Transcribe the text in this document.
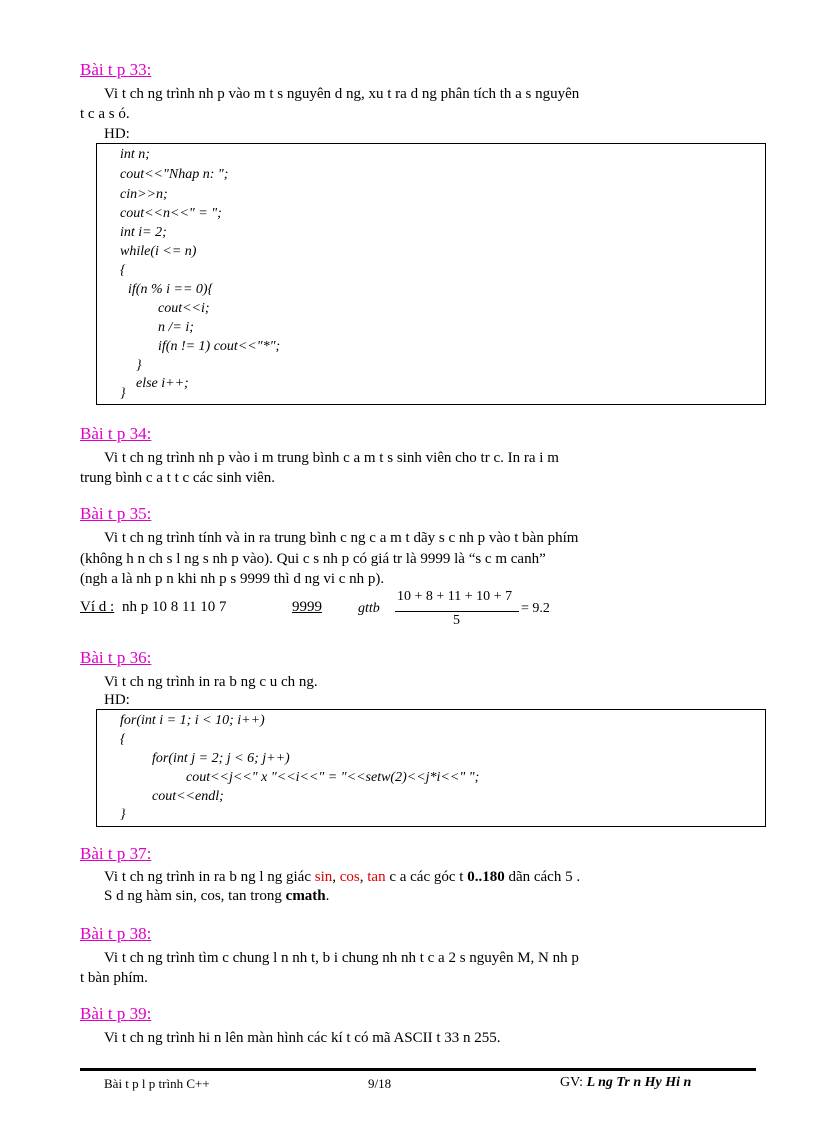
Bài t p 33:
Vi t ch ng trình nh p vào m t s nguyên d ng, xu t ra d ng phân tích th a s nguyên
t c a s ó.
HD:
int n;
cout<<"Nhap n: ";
cin>>n;
cout<<n<<" = ";
int i= 2;
while(i <= n)
{
if(n % i == 0){
cout<<i;
n /= i;
if(n != 1) cout<<"*";
}
else i++;
}
Bài t p 34:
Vi t ch ng trình nh p vào i m trung bình c a m t s sinh viên cho tr c. In ra i m
trung bình c a t t c các sinh viên.
Bài t p 35:
Vi t ch ng trình tính và in ra trung bình c ng c a m t dãy s c nh p vào t bàn phím
(không h n ch s l ng s nh p vào). Qui c s nh p có giá tr là 9999 là “s c m canh”
(ngh a là nh p n khi nh p s 9999 thì d ng vi c nh p).
Ví d : nh p 10 8 11 10 7	9999	gttb
10 + 8 + 11 + 10 + 7
5
= 9.2
Bài t p 36:
Vi t ch ng trình in ra b ng c u ch ng.
HD:
for(int i = 1; i < 10; i++)
{
for(int j = 2; j < 6; j++)
cout<<j<<" x "<<i<<" = "<<setw(2)<<j*i<<" ";
cout<<endl;
}
Bài t p 37:
Vi t ch ng trình in ra b ng l ng giác sin, cos, tan c a các góc t 0..180 dãn cách 5 .
S d ng hàm sin, cos, tan trong cmath.
Bài t p 38:
Vi t ch ng trình tìm c chung l n nh t, b i chung nh nh t c a 2 s nguyên M, N nh p
t bàn phím.
Bài t p 39:
Vi t ch ng trình hi n lên màn hình các kí t có mã ASCII t 33 n 255.
Bài t p l p trình C++	9/18	GV: L ng Tr n Hy Hi n
